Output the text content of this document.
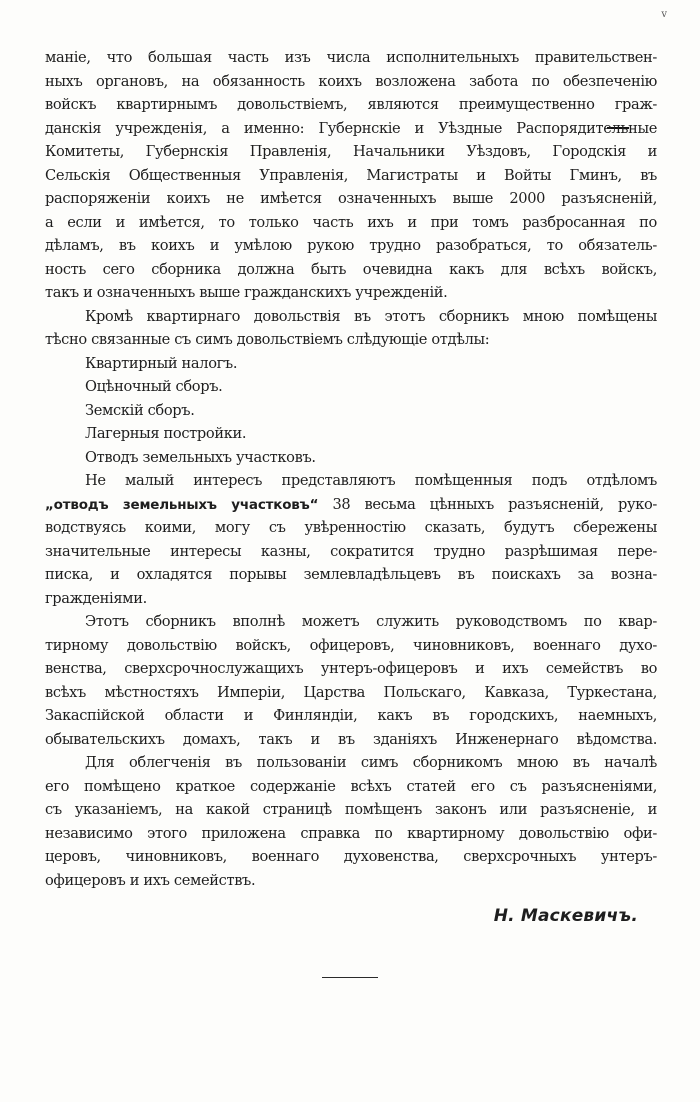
v
маніе, что большая часть изъ числа исполнительныхъ правительствен-
ныхъ органовъ, на обязанность коихъ возложена забота по обезпеченію
войскъ квартирнымъ довольствіемъ, являются преимущественно граж-
данскія учрежденія, а именно: Губернскіе и Уѣздные Распорядительные
Комитеты, Губернскія Правленія, Начальники Уѣздовъ, Городскія и
Сельскія Общественныя Управленія, Магистраты и Войты Гминъ, въ
распоряженіи коихъ не имѣется означенныхъ выше 2000 разъясненій,
а если и имѣется, то только часть ихъ и при томъ разбросанная по
дѣламъ, въ коихъ и умѣлою рукою трудно разобраться, то обязатель-
ность сего сборника должна быть очевидна какъ для всѣхъ войскъ,
такъ и означенныхъ выше гражданскихъ учрежденій.
Кромѣ квартирнаго довольствія въ этотъ сборникъ мною помѣщены
тѣсно связанные съ симъ довольствіемъ слѣдующіе отдѣлы:
Квартирный налогъ.
Оцѣночный сборъ.
Земскій сборъ.
Лагерныя постройки.
Отводъ земельныхъ участковъ.
Не малый интересъ представляютъ помѣщенныя подъ отдѣломъ
„отводъ земельныхъ участковъ“ 38 весьма цѣнныхъ разъясненій, руко-
водствуясь коими, могу съ увѣренностію сказать, будутъ сбережены
значительные интересы казны, сократится трудно разрѣшимая пере-
писка, и охладятся порывы землевладѣльцевъ въ поискахъ за возна-
гражденіями.
Этотъ сборникъ вполнѣ можетъ служить руководствомъ по квар-
тирному довольствію войскъ, офицеровъ, чиновниковъ, военнаго духо-
венства, сверхсрочнослужащихъ унтеръ-офицеровъ и ихъ семействъ во
всѣхъ мѣстностяхъ Имперіи, Царства Польскаго, Кавказа, Туркестана,
Закаспійской области и Финляндіи, какъ въ городскихъ, наемныхъ,
обывательскихъ домахъ, такъ и въ зданіяхъ Инженернаго вѣдомства.
Для облегченія въ пользованіи симъ сборникомъ мною въ началѣ
его помѣщено краткое содержаніе всѣхъ статей его съ разъясненіями,
съ указаніемъ, на какой страницѣ помѣщенъ законъ или разъясненіе, и
независимо этого приложена справка по квартирному довольствію офи-
церовъ, чиновниковъ, военнаго духовенства, сверхсрочныхъ унтеръ-
офицеровъ и ихъ семействъ.
Н. Маскевичъ.
